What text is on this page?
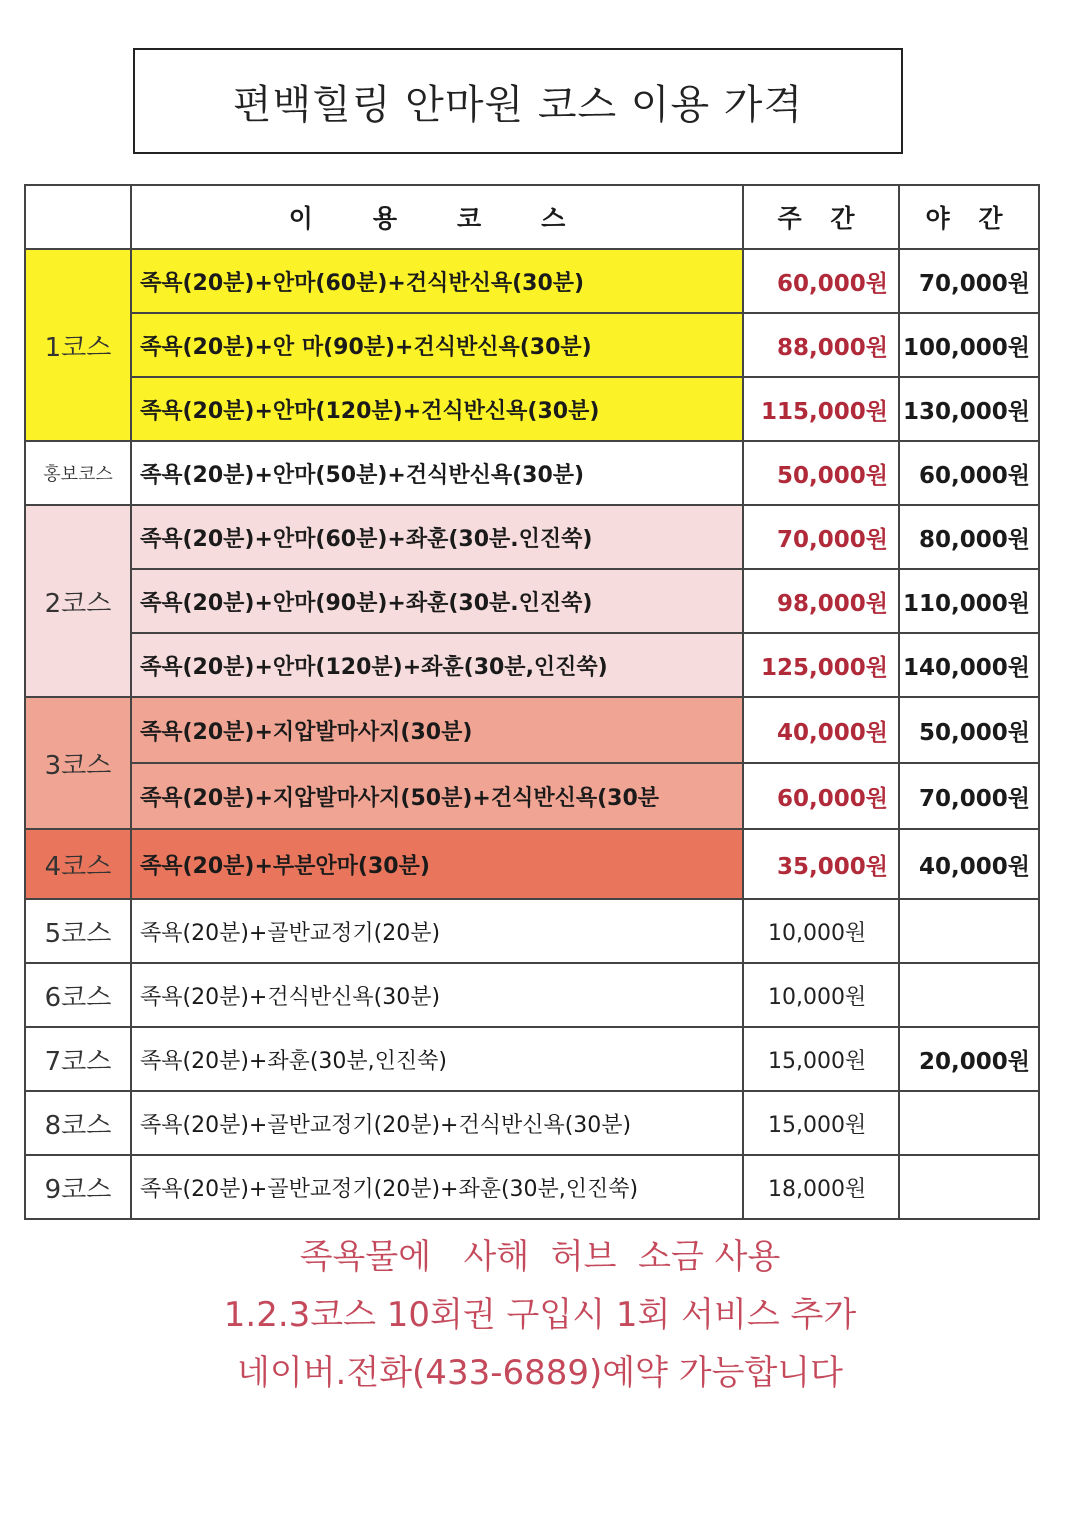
편백힐링 안마원 코스 이용 가격
	이용코스	주 간	야 간
1코스	족욕(20분)+안마(60분)+건식반신욕(30분)	60,000원	70,000원
	족욕(20분)+안 마(90분)+건식반신욕(30분)	88,000원	100,000원
	족욕(20분)+안마(120분)+건식반신욕(30분)	115,000원	130,000원
홍보코스	족욕(20분)+안마(50분)+건식반신욕(30분)	50,000원	60,000원
2코스	족욕(20분)+안마(60분)+좌훈(30분.인진쑥)	70,000원	80,000원
	족욕(20분)+안마(90분)+좌훈(30분.인진쑥)	98,000원	110,000원
	족욕(20분)+안마(120분)+좌훈(30분,인진쑥)	125,000원	140,000원
3코스	족욕(20분)+지압발마사지(30분)	40,000원	50,000원
	족욕(20분)+지압발마사지(50분)+건식반신욕(30분	60,000원	70,000원
4코스	족욕(20분)+부분안마(30분)	35,000원	40,000원
5코스	족욕(20분)+골반교정기(20분)	10,000원	
6코스	족욕(20분)+건식반신욕(30분)	10,000원	
7코스	족욕(20분)+좌훈(30분,인진쑥)	15,000원	20,000원
8코스	족욕(20분)+골반교정기(20분)+건식반신욕(30분)	15,000원	
9코스	족욕(20분)+골반교정기(20분)+좌훈(30분,인진쑥)	18,000원	
족욕물에   사해  허브  소금 사용
1.2.3코스 10회권 구입시 1회 서비스 추가
네이버.전화(433-6889)예약 가능합니다
